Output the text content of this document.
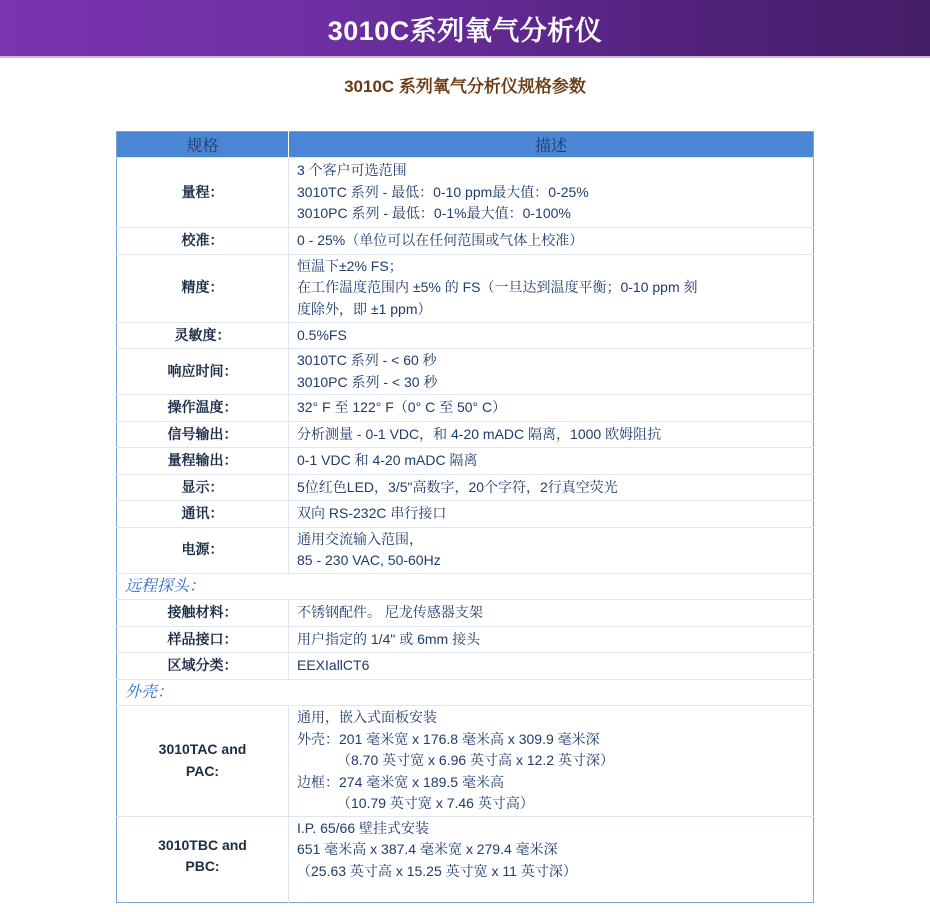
3010C系列氧气分析仪
3010C 系列氧气分析仪规格参数
规格	描述
量程：	3 个客户可选范围
3010TC 系列 - 最低：0-10 ppm最大值：0-25%
3010PC 系列 - 最低：0-1%最大值：0-100%

校准：	0 - 25%（单位可以在任何范围或气体上校准）

精度：	恒温下±2% FS；
在工作温度范围内 ±5% 的 FS（一旦达到温度平衡；0-10 ppm 刻
度除外，即 ±1 ppm）

灵敏度：	0.5%FS

响应时间：	3010TC 系列 - < 60 秒
3010PC 系列 - < 30 秒

操作温度：	32° F 至 122° F（0° C 至 50° C）

信号输出：	分析测量 - 0-1 VDC，和 4-20 mADC 隔离，1000 欧姆阻抗

量程输出：	0-1 VDC 和 4-20 mADC 隔离

显示：	5位红色LED，3/5"高数字，20个字符，2行真空荧光

通讯：	双向 RS-232C 串行接口

电源：	通用交流输入范围，
85 - 230 VAC, 50-60Hz

远程探头：	
接触材料：	不锈钢配件。 尼龙传感器支架

样品接口：	用户指定的 1/4" 或 6mm 接头

区域分类：	EEXIallCT6

外壳：	

3010TAC and
PAC:	通用，嵌入式面板安装
外壳：201 毫米宽 x 176.8 毫米高 x 309.9 毫米深
（8.70 英寸宽 x 6.96 英寸高 x 12.2 英寸深）
边框：274 毫米宽 x 189.5 毫米高
（10.79 英寸宽 x 7.46 英寸高）

3010TBC and
PBC:	I.P. 65/66 壁挂式安装
651 毫米高 x 387.4 毫米宽 x 279.4 毫米深
（25.63 英寸高 x 15.25 英寸宽 x 11 英寸深）
